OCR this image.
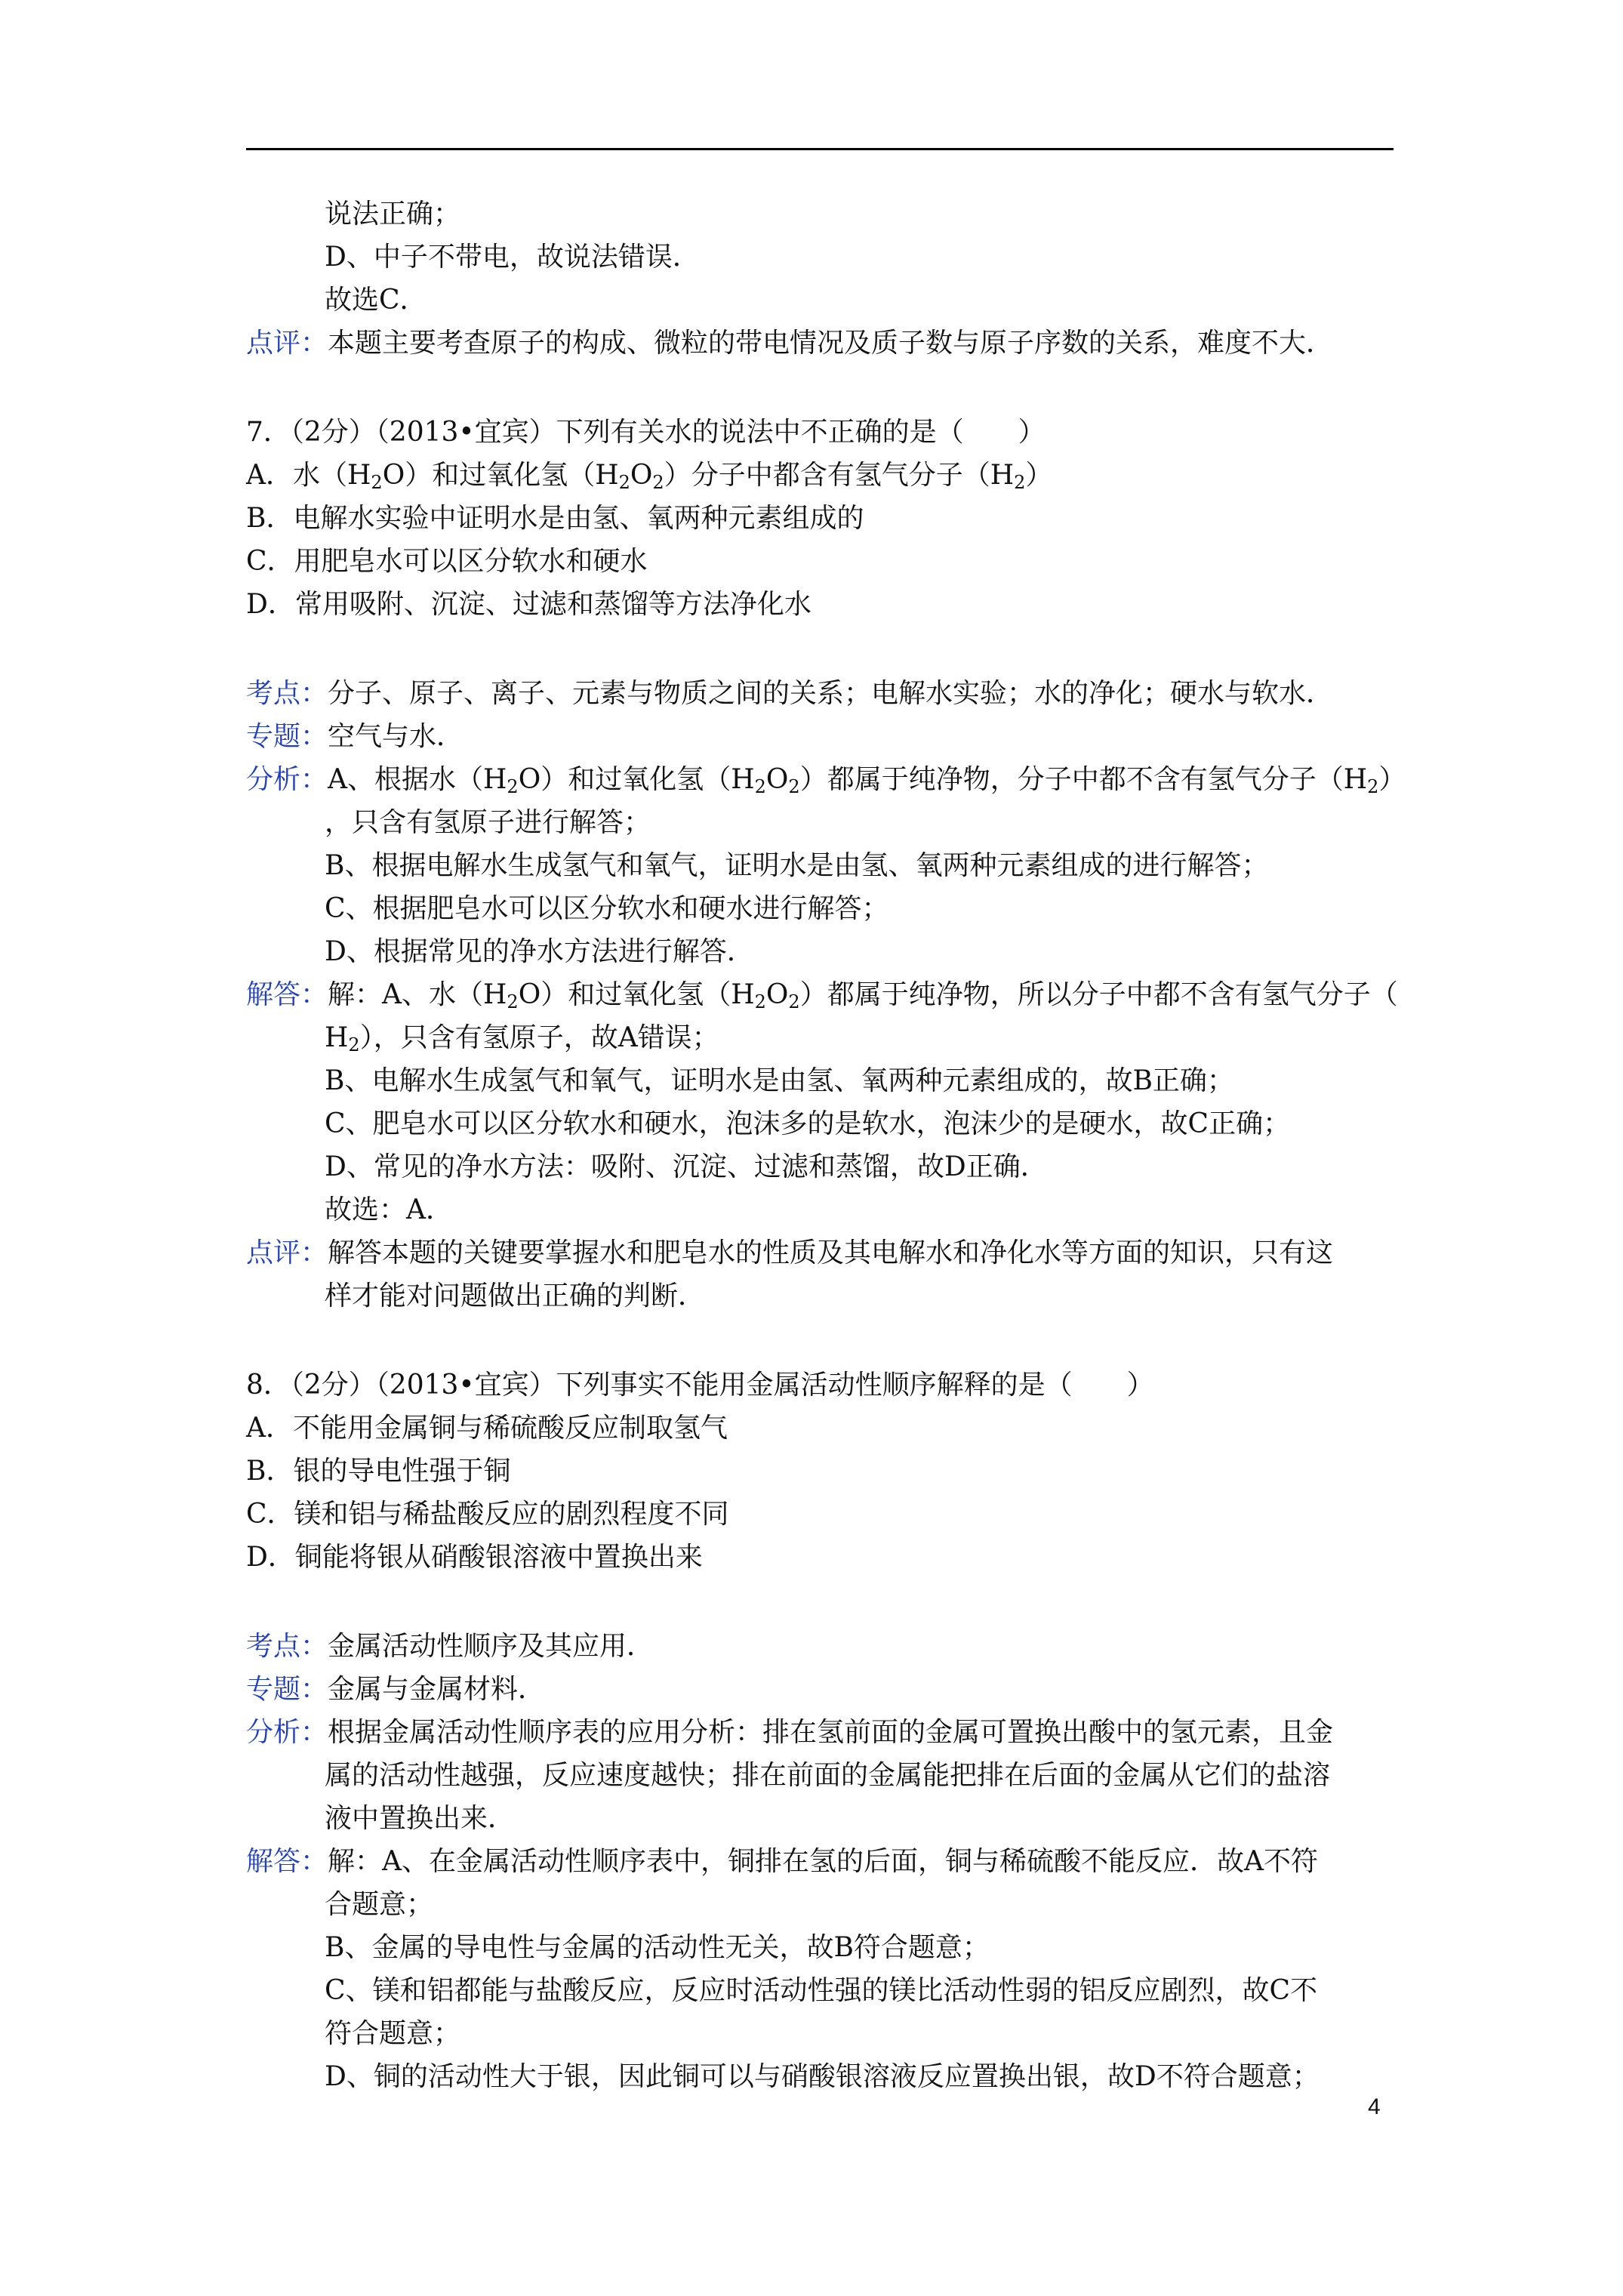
说法正确；
D、中子不带电，故说法错误．
故选C．
点评：本题主要考查原子的构成、微粒的带电情况及质子数与原子序数的关系，难度不大．
7．（2分）（2013•宜宾）下列有关水的说法中不正确的是（　　）
A．水$(H_2O)$和过氧化氢$(H_2O_2)$分子中都含有氢气分子$(H_2)$
B．电解水实验中证明水是由氢、氧两种元素组成的
C．用肥皂水可以区分软水和硬水
D．常用吸附、沉淀、过滤和蒸馏等方法净化水
考点：分子、原子、离子、元素与物质之间的关系；电解水实验；水的净化；硬水与软水．
专题：空气与水．
分析：A、根据水$(H_2O)$和过氧化氢$(H_2O_2)$都属于纯净物，分子中都不含有氢气分子$(H_2)$
，只含有氢原子进行解答；
B、根据电解水生成氢气和氧气，证明水是由氢、氧两种元素组成的进行解答；
C、根据肥皂水可以区分软水和硬水进行解答；
D、根据常见的净水方法进行解答．
解答：解：A、水$(H_2O)$和过氧化氢$(H_2O_2)$都属于纯净物，所以分子中都不含有氢气分子（
$H_2$），只含有氢原子，故A错误；
B、电解水生成氢气和氧气，证明水是由氢、氧两种元素组成的，故B正确；
C、肥皂水可以区分软水和硬水，泡沫多的是软水，泡沫少的是硬水，故C正确；
D、常见的净水方法：吸附、沉淀、过滤和蒸馏，故D正确．
故选：A．
点评：解答本题的关键要掌握水和肥皂水的性质及其电解水和净化水等方面的知识，只有这
样才能对问题做出正确的判断．
8．（2分）（2013•宜宾）下列事实不能用金属活动性顺序解释的是（　　）
A．不能用金属铜与稀硫酸反应制取氢气
B．银的导电性强于铜
C．镁和铝与稀盐酸反应的剧烈程度不同
D．铜能将银从硝酸银溶液中置换出来
考点：金属活动性顺序及其应用．
专题：金属与金属材料．
分析：根据金属活动性顺序表的应用分析：排在氢前面的金属可置换出酸中的氢元素，且金
属的活动性越强，反应速度越快；排在前面的金属能把排在后面的金属从它们的盐溶
液中置换出来．
解答：解：A、在金属活动性顺序表中，铜排在氢的后面，铜与稀硫酸不能反应．故A不符
合题意；
B、金属的导电性与金属的活动性无关，故B符合题意；
C、镁和铝都能与盐酸反应，反应时活动性强的镁比活动性弱的铝反应剧烈，故C不
符合题意；
D、铜的活动性大于银，因此铜可以与硝酸银溶液反应置换出银，故D不符合题意；
4
